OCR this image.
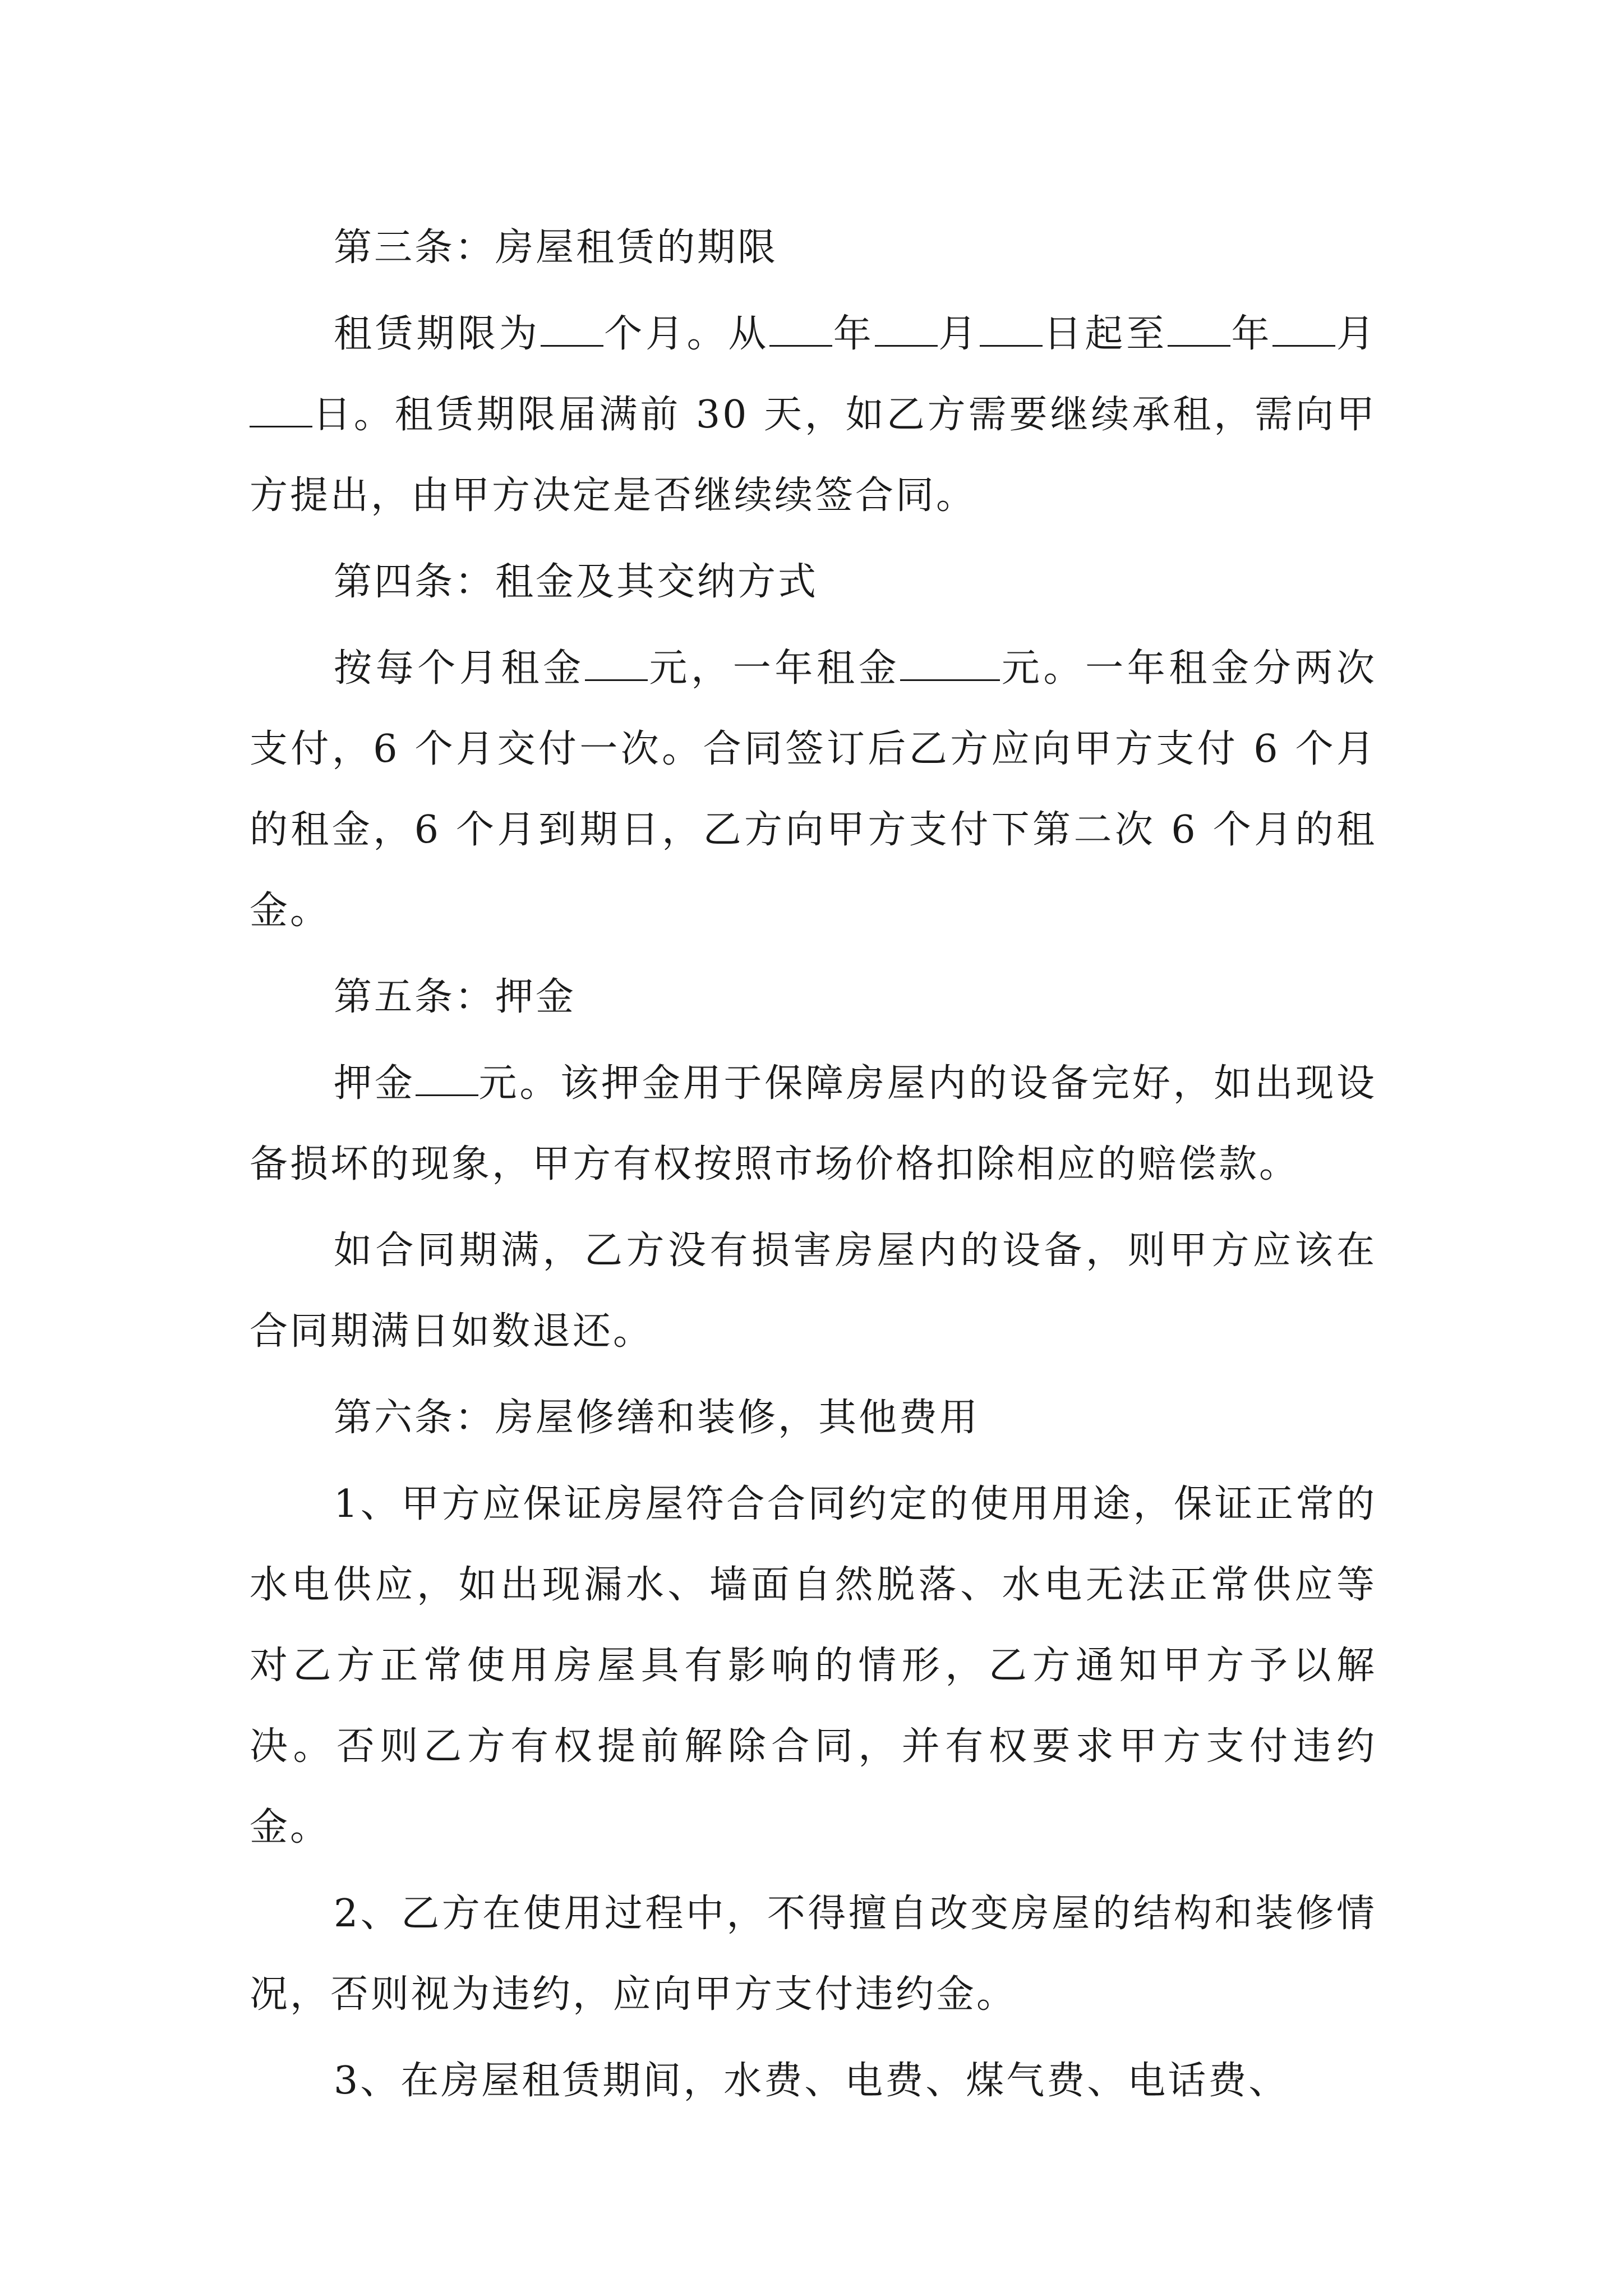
第三条：房屋租赁的期限

租赁期限为 个月。从 年 月 日起至 年 月日。租赁期限届满前 30 天，如乙方需要继续承租，需向甲方提出，由甲方决定是否继续续签合同。

第四条：租金及其交纳方式

按每个月租金 元，一年租金	元。一年租金分两次支付，6 个月交付一次。合同签订后乙方应向甲方支付 6 个月的租金，6 个月到期日，乙方向甲方支付下第二次 6 个月的租金。

第五条：押金

押金 元。该押金用于保障房屋内的设备完好，如出现设备损坏的现象，甲方有权按照市场价格扣除相应的赔偿款。

如合同期满，乙方没有损害房屋内的设备，则甲方应该在合同期满日如数退还。

第六条：房屋修缮和装修，其他费用

1、甲方应保证房屋符合合同约定的使用用途，保证正常的水电供应，如出现漏水、墙面自然脱落、水电无法正常供应等对乙方正常使用房屋具有影响的情形，乙方通知甲方予以解决。否则乙方有权提前解除合同，并有权要求甲方支付违约金。

2、乙方在使用过程中，不得擅自改变房屋的结构和装修情况，否则视为违约，应向甲方支付违约金。

3、在房屋租赁期间，水费、电费、煤气费、电话费、
